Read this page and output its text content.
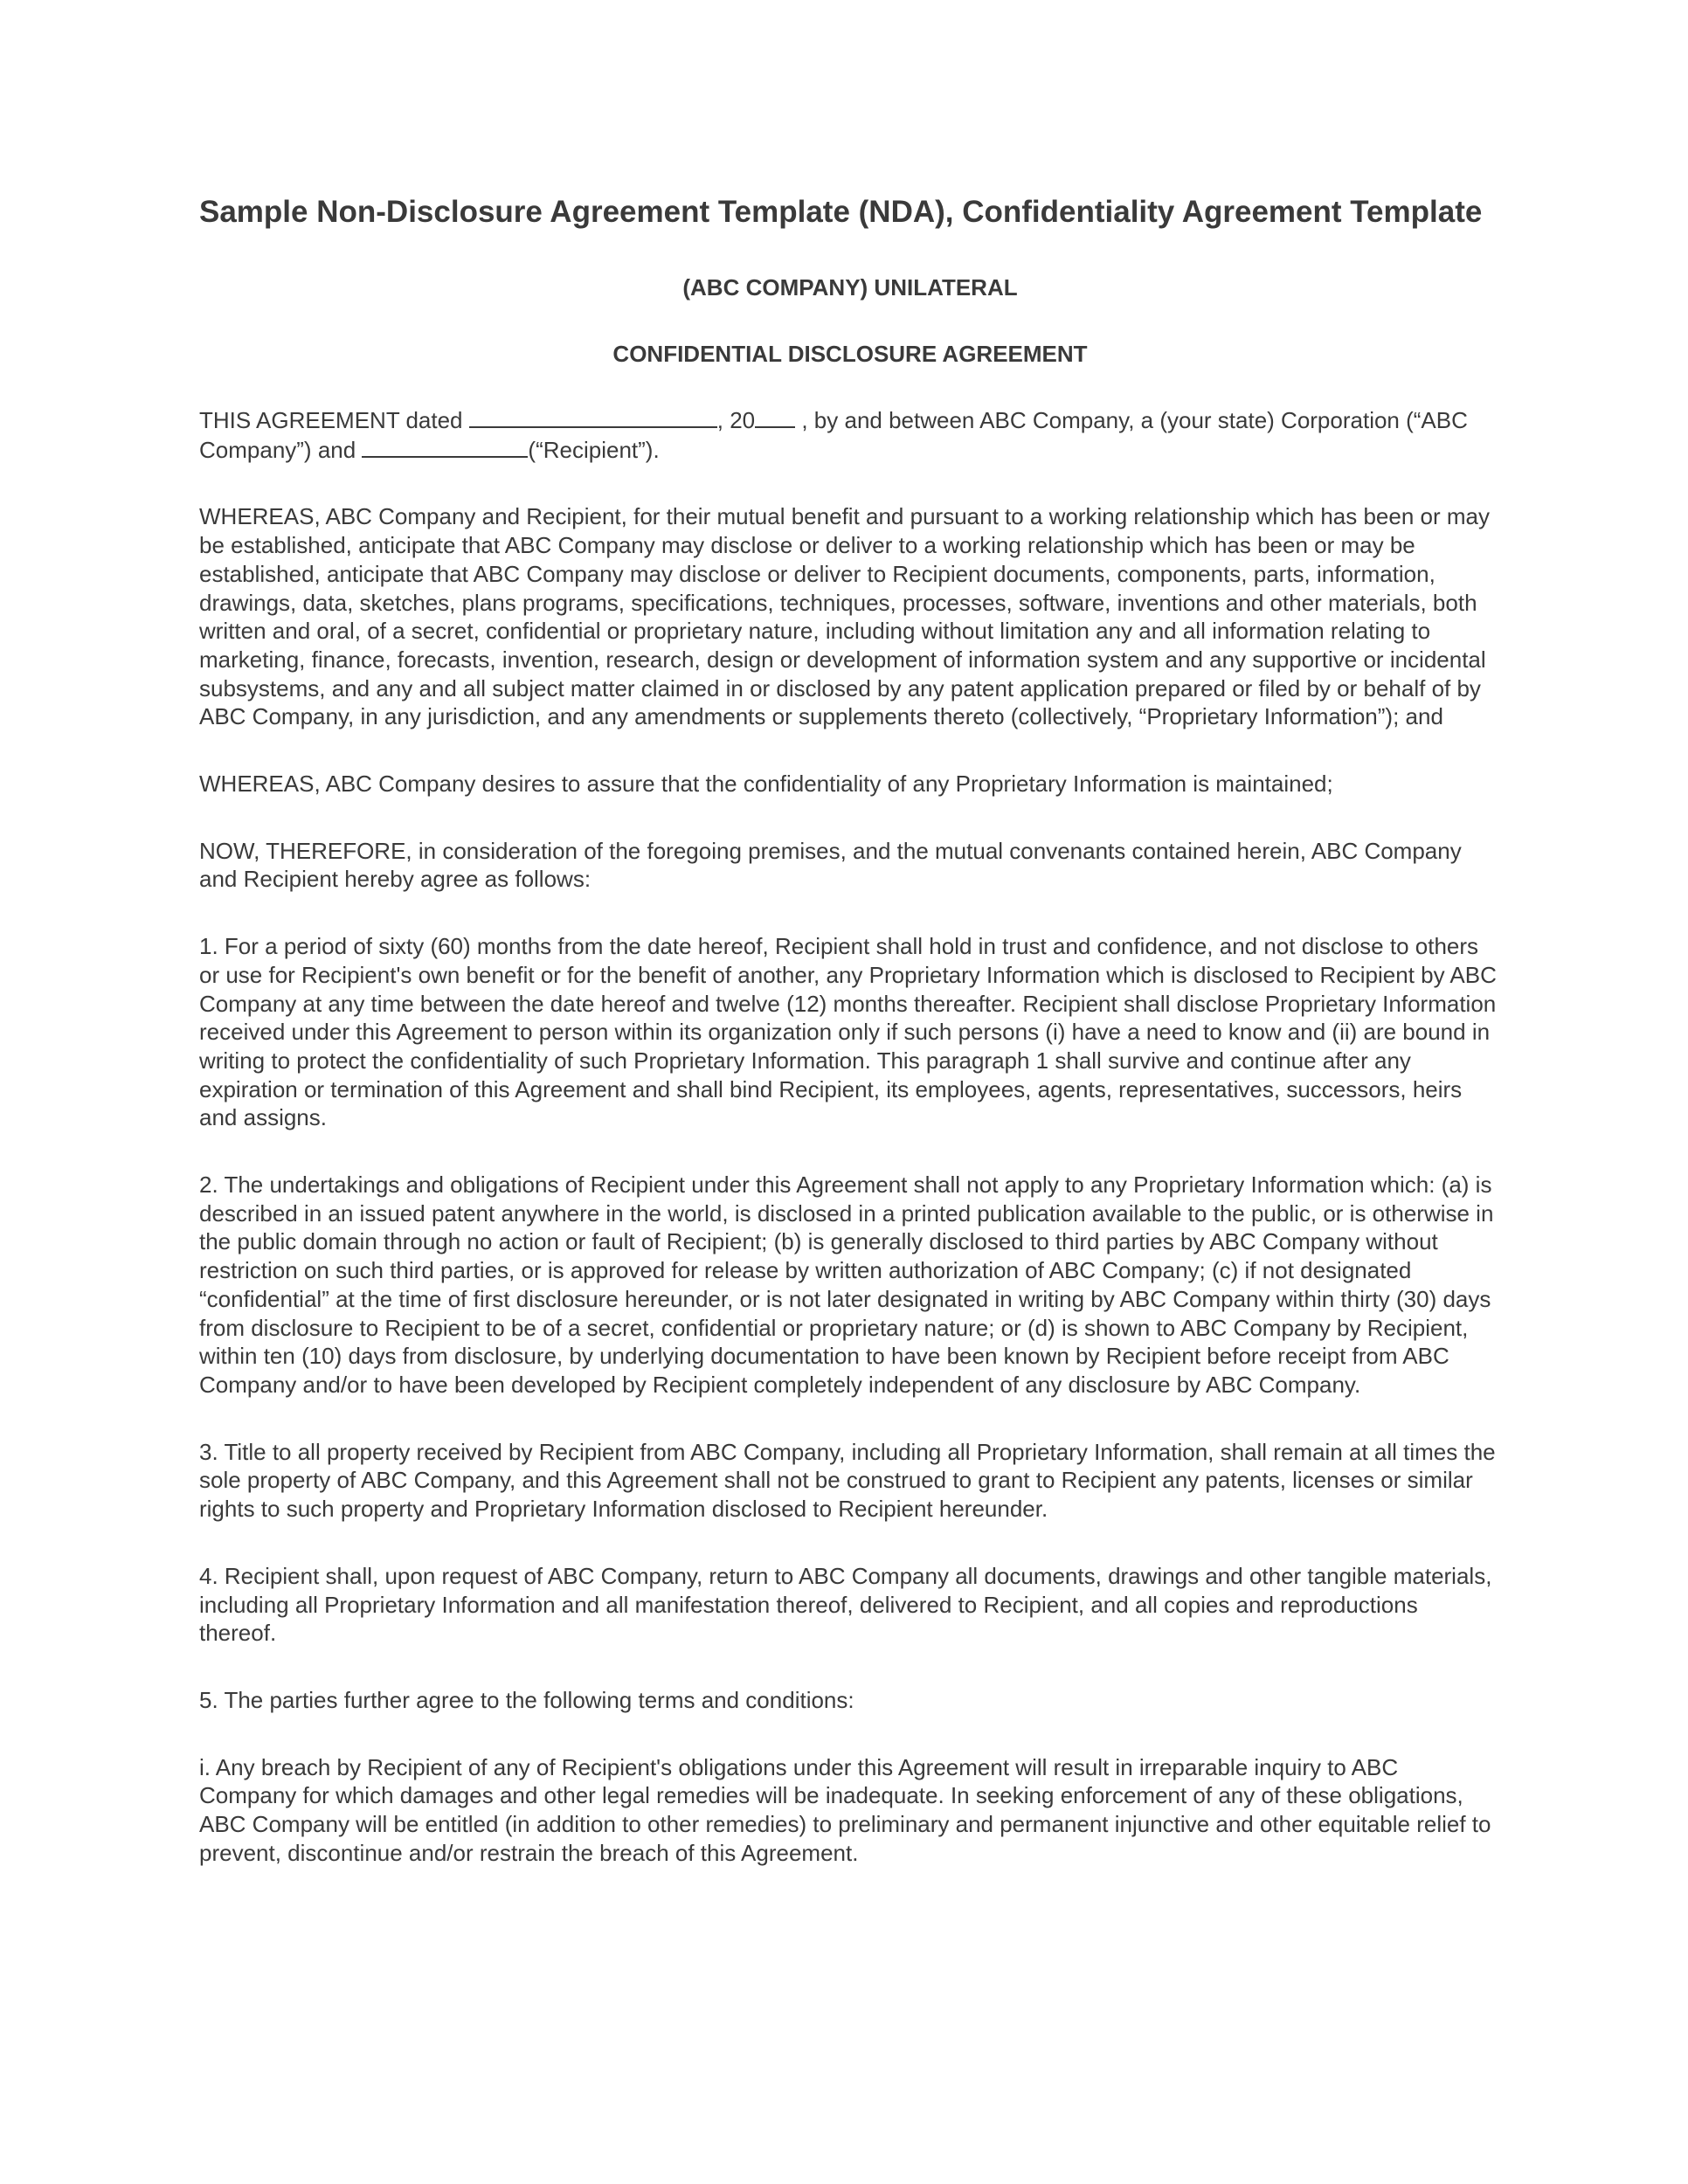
Sample Non-Disclosure Agreement Template (NDA), Confidentiality Agreement Template

(ABC COMPANY) UNILATERAL

CONFIDENTIAL DISCLOSURE AGREEMENT

THIS AGREEMENT dated	, 20 , by and between ABC Company, a (your state) Corporation (“ABC Company”) and	(“Recipient”).

WHEREAS, ABC Company and Recipient, for their mutual benefit and pursuant to a working relationship which has been or may be established, anticipate that ABC Company may disclose or deliver to a working relationship which has been or may be established, anticipate that ABC Company may disclose or deliver to Recipient documents, components, parts, information, drawings, data, sketches, plans programs, specifications, techniques, processes, software, inventions and other materials, both written and oral, of a secret, confidential or proprietary nature, including without limitation any and all information relating to marketing, finance, forecasts, invention, research, design or development of information system and any supportive or incidental subsystems, and any and all subject matter claimed in or disclosed by any patent application prepared or filed by or behalf of by ABC Company, in any jurisdiction, and any amendments or supplements thereto (collectively, “Proprietary Information”); and

WHEREAS, ABC Company desires to assure that the confidentiality of any Proprietary Information is maintained;

NOW, THEREFORE, in consideration of the foregoing premises, and the mutual convenants contained herein, ABC Company and Recipient hereby agree as follows:

1. For a period of sixty (60) months from the date hereof, Recipient shall hold in trust and confidence, and not disclose to others or use for Recipient's own benefit or for the benefit of another, any Proprietary Information which is disclosed to Recipient by ABC Company at any time between the date hereof and twelve (12) months thereafter. Recipient shall disclose Proprietary Information received under this Agreement to person within its organization only if such persons (i) have a need to know and (ii) are bound in writing to protect the confidentiality of such Proprietary Information. This paragraph 1 shall survive and continue after any expiration or termination of this Agreement and shall bind Recipient, its employees, agents, representatives, successors, heirs and assigns.

2. The undertakings and obligations of Recipient under this Agreement shall not apply to any Proprietary Information which: (a) is described in an issued patent anywhere in the world, is disclosed in a printed publication available to the public, or is otherwise in the public domain through no action or fault of Recipient; (b) is generally disclosed to third parties by ABC Company without restriction on such third parties, or is approved for release by written authorization of ABC Company; (c) if not designated “confidential” at the time of first disclosure hereunder, or is not later designated in writing by ABC Company within thirty (30) days from disclosure to Recipient to be of a secret, confidential or proprietary nature; or (d) is shown to ABC Company by Recipient, within ten (10) days from disclosure, by underlying documentation to have been known by Recipient before receipt from ABC Company and/or to have been developed by Recipient completely independent of any disclosure by ABC Company.

3. Title to all property received by Recipient from ABC Company, including all Proprietary Information, shall remain at all times the sole property of ABC Company, and this Agreement shall not be construed to grant to Recipient any patents, licenses or similar rights to such property and Proprietary Information disclosed to Recipient hereunder.

4. Recipient shall, upon request of ABC Company, return to ABC Company all documents, drawings and other tangible materials, including all Proprietary Information and all manifestation thereof, delivered to Recipient, and all copies and reproductions thereof.

5. The parties further agree to the following terms and conditions:

i. Any breach by Recipient of any of Recipient's obligations under this Agreement will result in irreparable inquiry to ABC Company for which damages and other legal remedies will be inadequate. In seeking enforcement of any of these obligations, ABC Company will be entitled (in addition to other remedies) to preliminary and permanent injunctive and other equitable relief to prevent, discontinue and/or restrain the breach of this Agreement.
